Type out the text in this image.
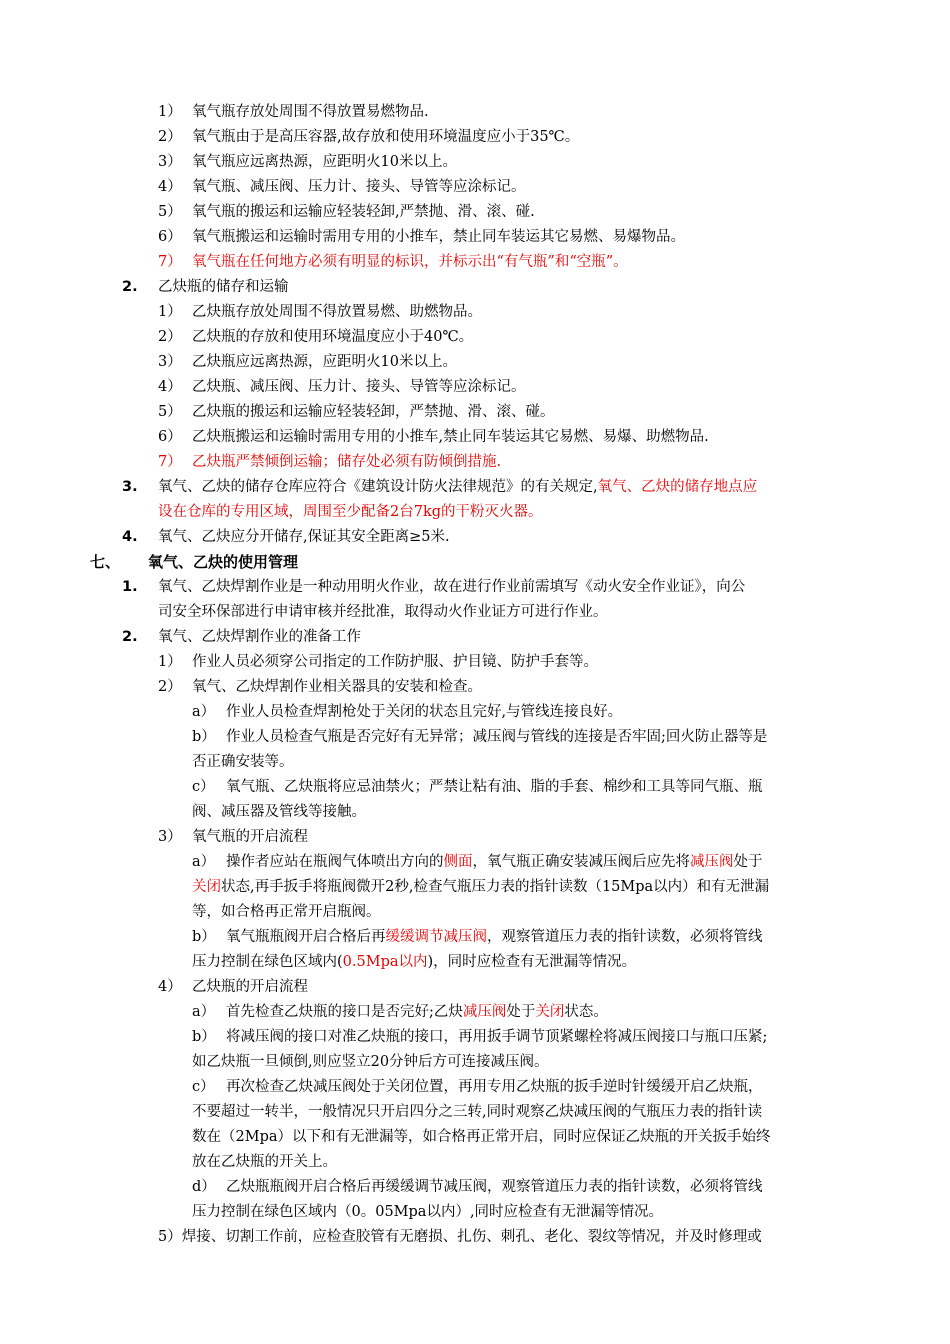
1） 氧气瓶存放处周围不得放置易燃物品.
2） 氧气瓶由于是高压容器,故存放和使用环境温度应小于35℃。
3） 氧气瓶应远离热源，应距明火10米以上。
4） 氧气瓶、减压阀、压力计、接头、导管等应涂标记。
5） 氧气瓶的搬运和运输应轻装轻卸,严禁抛、滑、滚、碰.
6） 氧气瓶搬运和运输时需用专用的小推车，禁止同车装运其它易燃、易爆物品。
7） 氧气瓶在任何地方必须有明显的标识，并标示出“有气瓶”和“空瓶”。
2. 乙炔瓶的储存和运输
1） 乙炔瓶存放处周围不得放置易燃、助燃物品。
2） 乙炔瓶的存放和使用环境温度应小于40℃。
3） 乙炔瓶应远离热源，应距明火10米以上。
4） 乙炔瓶、减压阀、压力计、接头、导管等应涂标记。
5） 乙炔瓶的搬运和运输应轻装轻卸，严禁抛、滑、滚、碰。
6） 乙炔瓶搬运和运输时需用专用的小推车,禁止同车装运其它易燃、易爆、助燃物品.
7） 乙炔瓶严禁倾倒运输；储存处必须有防倾倒措施.
3. 氧气、乙炔的储存仓库应符合《建筑设计防火法律规范》的有关规定,氧气、乙炔的储存地点应
设在仓库的专用区域，周围至少配备2台7kg的干粉灭火器。
4. 氧气、乙炔应分开储存,保证其安全距离≥5米.
七、 氧气、乙炔的使用管理
1. 氧气、乙炔焊割作业是一种动用明火作业，故在进行作业前需填写《动火安全作业证》，向公
司安全环保部进行申请审核并经批准，取得动火作业证方可进行作业。
2. 氧气、乙炔焊割作业的准备工作
1） 作业人员必须穿公司指定的工作防护服、护目镜、防护手套等。
2） 氧气、乙炔焊割作业相关器具的安装和检查。
a） 作业人员检查焊割枪处于关闭的状态且完好,与管线连接良好。
b） 作业人员检查气瓶是否完好有无异常；减压阀与管线的连接是否牢固;回火防止器等是
否正确安装等。
c） 氧气瓶、乙炔瓶将应忌油禁火；严禁让粘有油、脂的手套、棉纱和工具等同气瓶、瓶
阀、减压器及管线等接触。
3） 氧气瓶的开启流程
a） 操作者应站在瓶阀气体喷出方向的侧面，氧气瓶正确安装减压阀后应先将减压阀处于
关闭状态,再手扳手将瓶阀微开2秒,检查气瓶压力表的指针读数（15Mpa以内）和有无泄漏
等，如合格再正常开启瓶阀。
b） 氧气瓶瓶阀开启合格后再缓缓调节减压阀，观察管道压力表的指针读数，必须将管线
压力控制在绿色区域内(0.5Mpa以内)，同时应检查有无泄漏等情况。
4） 乙炔瓶的开启流程
a） 首先检查乙炔瓶的接口是否完好;乙炔减压阀处于关闭状态。
b） 将减压阀的接口对准乙炔瓶的接口，再用扳手调节顶紧螺栓将减压阀接口与瓶口压紧;
如乙炔瓶一旦倾倒,则应竖立20分钟后方可连接减压阀。
c） 再次检查乙炔减压阀处于关闭位置，再用专用乙炔瓶的扳手逆时针缓缓开启乙炔瓶，
不要超过一转半，一般情况只开启四分之三转,同时观察乙炔减压阀的气瓶压力表的指针读
数在（2Mpa）以下和有无泄漏等，如合格再正常开启，同时应保证乙炔瓶的开关扳手始终
放在乙炔瓶的开关上。
d） 乙炔瓶瓶阀开启合格后再缓缓调节减压阀，观察管道压力表的指针读数，必须将管线
压力控制在绿色区域内（0。05Mpa以内）,同时应检查有无泄漏等情况。
5）焊接、切割工作前，应检查胶管有无磨损、扎伤、刺孔、老化、裂纹等情况，并及时修理或
